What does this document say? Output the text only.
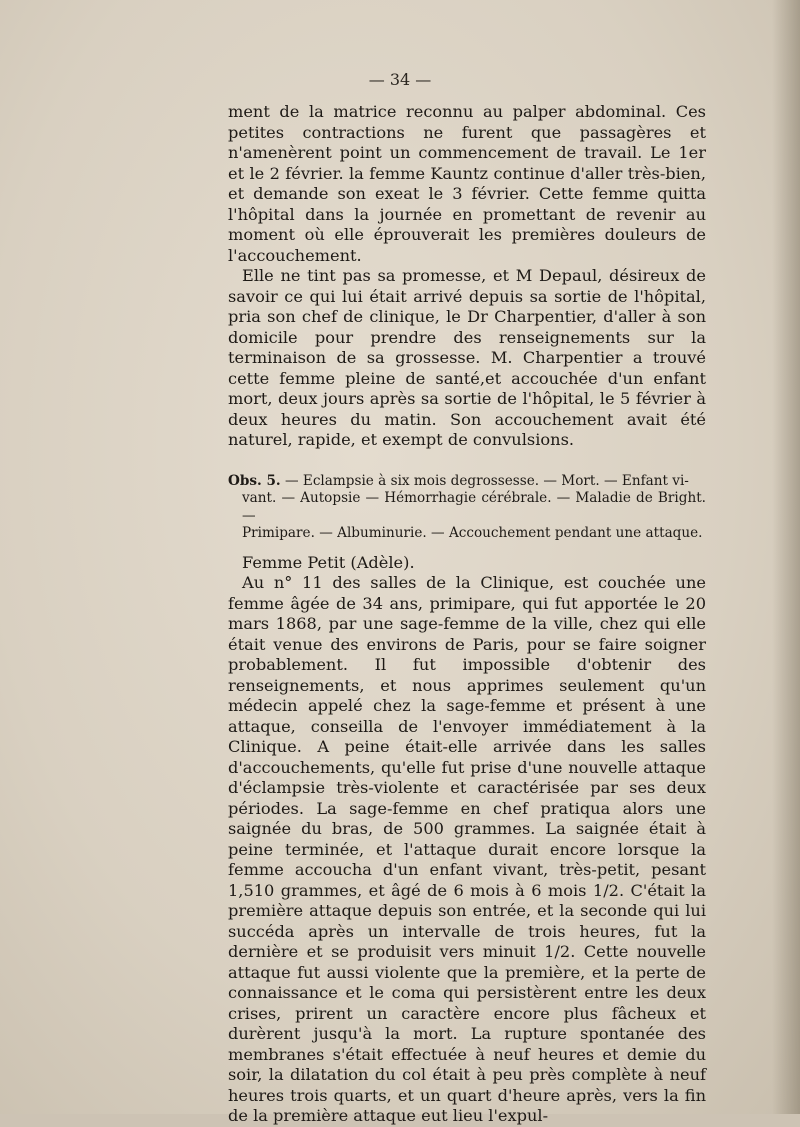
— 34 —

ment de la matrice reconnu au palper abdominal. Ces petites contractions ne furent que passagères et n'amenèrent point un commencement de travail. Le 1er et le 2 février. la femme Kauntz continue d'aller très-bien, et demande son exeat le 3 février. Cette femme quitta l'hôpital dans la journée en promettant de revenir au moment où elle éprouverait les premières douleurs de l'accouchement.

Elle ne tint pas sa promesse, et M Depaul, désireux de savoir ce qui lui était arrivé depuis sa sortie de l'hôpital, pria son chef de clinique, le Dr Charpentier, d'aller à son domicile pour prendre des renseignements sur la terminaison de sa grossesse. M. Charpentier a trouvé cette femme pleine de santé,et accouchée d'un enfant mort, deux jours après sa sortie de l'hôpital, le 5 février à deux heures du matin. Son accouchement avait été naturel, rapide, et exempt de convulsions.

Obs. 5. — Eclampsie à six mois degrossesse. — Mort. — Enfant vi-
vant. — Autopsie — Hémorrhagie cérébrale. — Maladie de Bright. —
Primipare. — Albuminurie. — Accouchement pendant une attaque.

Femme Petit (Adèle).

Au n° 11 des salles de la Clinique, est couchée une femme âgée de 34 ans, primipare, qui fut apportée le 20 mars 1868, par une sage-femme de la ville, chez qui elle était venue des environs de Paris, pour se faire soigner probablement. Il fut impossible d'obtenir des renseignements, et nous apprimes seulement qu'un médecin appelé chez la sage-femme et présent à une attaque, conseilla de l'envoyer immédiatement à la Clinique. A peine était-elle arrivée dans les salles d'accouchements, qu'elle fut prise d'une nouvelle attaque d'éclampsie très-violente et caractérisée par ses deux périodes. La sage-femme en chef pratiqua alors une saignée du bras, de 500 grammes. La saignée était à peine terminée, et l'attaque durait encore lorsque la femme accoucha d'un enfant vivant, très-petit, pesant 1,510 grammes, et âgé de 6 mois à 6 mois 1/2. C'était la première attaque depuis son entrée, et la seconde qui lui succéda après un intervalle de trois heures, fut la dernière et se produisit vers minuit 1/2. Cette nouvelle attaque fut aussi violente que la première, et la perte de connaissance et le coma qui persistèrent entre les deux crises, prirent un caractère encore plus fâcheux et durèrent jusqu'à la mort. La rupture spontanée des membranes s'était effectuée à neuf heures et demie du soir, la dilatation du col était à peu près complète à neuf heures trois quarts, et un quart d'heure après, vers la fin de la première attaque eut lieu l'expul-
